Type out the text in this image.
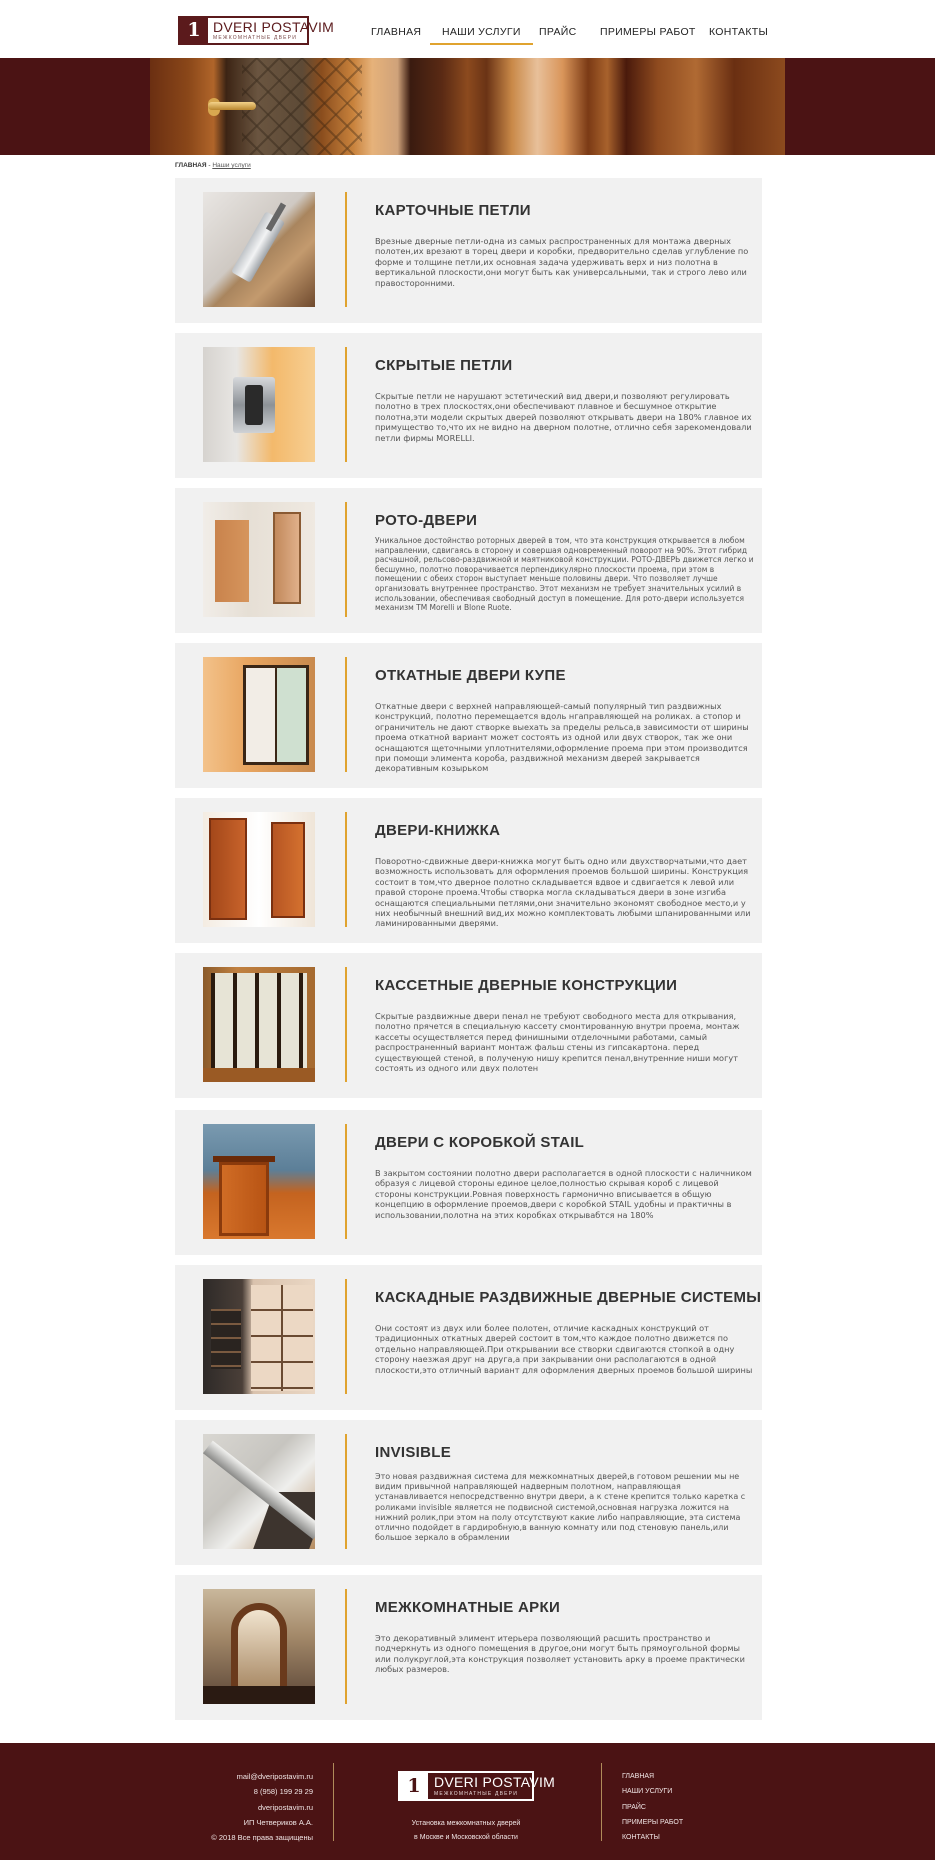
1 DVERI POSTAVIM
МЕЖКОМНАТНЫЕ ДВЕРИ	ГЛАВНАЯ НАШИ УСЛУГИ ПРАЙС ПРИМЕРЫ РАБОТ КОНТАКТЫ
ГЛАВНАЯ - Наши услуги
КАРТОЧНЫЕ ПЕТЛИ

Врезные дверные петли-одна из самых распространенных для монтажа дверных полотен,их врезают в торец двери и коробки, предворительно сделав углубление по форме и толщине петли,их основная задача удерживать верх и низ полотна в вертикальной плоскости,они могут быть как универсальными, так и строго лево или правосторонними.

СКРЫТЫЕ ПЕТЛИ

Скрытые петли не нарушают эстетический вид двери,и позволяют регулировать полотно в трех плоскостях,они обеспечивают плавное и бесшумное открытие полотна,эти модели скрытых дверей позволяют открывать двери на 180% главное их примущество то,что их не видно на дверном полотне, отлично себя зарекомендовали петли фирмы MORELLI.

РОТО-ДВЕРИ

Уникальное достойнство роторных дверей в том, что эта конструкция открывается в любом направлении, сдвигаясь в сторону и совершая одновременный поворот на 90%. Этот гибрид расчашной, рельсово-раздвижной и маятниковой конструкции. РОТО-ДВЕРЬ движется легко и бесшумно, полотно поворачивается перпендикулярно плоскости проема, при этом в помещении с обеих сторон выступает меньше половины двери. Что позволяет лучше организовать внутреннее пространство. Этот механизм не требует значительных усилий в использовании, обеспечивая свободный доступ в помещение. Для рото-двери используется механизм TM Morelli и Blone Ruote.

ОТКАТНЫЕ ДВЕРИ КУПЕ

Откатные двери с верхней направляющей-самый популярный тип раздвижных конструкций, полотно перемещается вдоль нгаправляющей на роликах. а стопор и ограничитель не дают створке выехать за пределы рельса,в зависимости от ширины проема откатной вариант может состоять из одной или двух створок, так же они оснащаются щеточными уплотнителями,оформление проема при этом производится при помощи элимента короба, раздвижной механизм дверей закрывается декоративным козырьком

ДВЕРИ-КНИЖКА

Поворотно-сдвижные двери-книжка могут быть одно или двухстворчатыми,что дает возможность использовать для оформления проемов большой ширины. Конструкция состоит в том,что дверное полотно складывается вдвое и сдвигается к левой или правой стороне проема.Чтобы створка могла складываться двери в зоне изгиба оснащаются специальными петлями,они значительно экономят свободное место,и у них необычный внешний вид,их можно комплектовать любыми шпанированными или ламинированными дверями.

КАССЕТНЫЕ ДВЕРНЫЕ КОНСТРУКЦИИ

Скрытые раздвижные двери пенал не требуют свободного места для открывания, полотно прячется в специальную кассету смонтированную внутри проема, монтаж кассеты осуществляется перед финишными отделочными работами, самый распространенный вариант монтаж фальш стены из гипсакартона. перед существующей стеной, в полученую нишу крепится пенал,внутренние ниши могут состоять из одного или двух полотен

ДВЕРИ С КОРОБКОЙ STAIL

В закрытом состоянии полотно двери располагается в одной плоскости с наличником образуя с лицевой стороны единое целое,полностью скрывая короб с лицевой стороны конструкции.Ровная поверхность гармонично вписывается в общую концепцию в оформление проемов,двери с коробкой STAIL удобны и практичны в использовании,полотна на этих коробках открывабтся на 180%

КАСКАДНЫЕ РАЗДВИЖНЫЕ ДВЕРНЫЕ СИСТЕМЫ

Они состоят из двух или более полотен, отличие каскадных конструкций от традиционных откатных дверей состоит в том,что каждое полотно движется по отдельно направляющей.При открывании все створки сдвигаются стопкой в одну сторону наезжая друг на друга,а при закрывании они располагаются в одной плоскости,это отличный вариант для оформления дверных проемов большой ширины

INVISIBLE

Это новая раздвижная система для межкомнатных дверей,в готовом решении мы не видим привычной направляющей надверным полотном, направляющая устанавливается непосредственно внутри двери, а к стене крепится только каретка с роликами invisible является не подвисной системой,основная нагрузка ложится на нижний ролик,при этом на полу отсутствуют какие либо направляющие, эта система отлично подойдет в гардиробную,в ванную комнату или под стеновую панель,или большое зеркало в обрамлении

МЕЖКОМНАТНЫЕ АРКИ

Это декоративный элимент итерьера позволяющий расшить пространство и подчеркнуть из одного помещения в другое,они могут быть прямоугольной формы или полукруглой,эта конструкция позволяет установить арку в проеме практически любых размеров.

mail@dveripostavim.ru
8 (958) 199 29 29
dveripostavim.ru
ИП Четвериков А.А.
© 2018 Все права защищены
1 DVERI POSTAVIM
МЕЖКОМНАТНЫЕ ДВЕРИ
Установка межкомнатных дверей
в Москве и Московской области
ГЛАВНАЯ
НАШИ УСЛУГИ
ПРАЙС
ПРИМЕРЫ РАБОТ
КОНТАКТЫ
